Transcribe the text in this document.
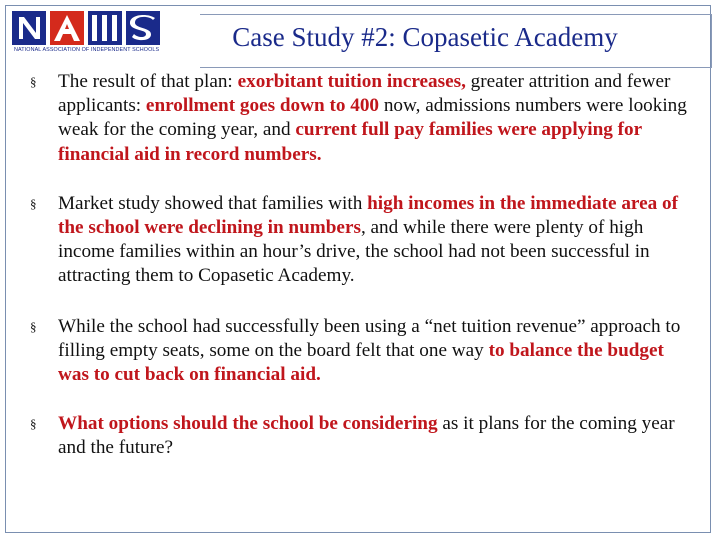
NATIONAL ASSOCIATION OF INDEPENDENT SCHOOLS	Case Study #2: Copasetic Academy
§ The result of that plan: exorbitant tuition increases, greater attrition and fewer applicants: enrollment goes down to 400 now, admissions numbers were looking weak for the coming year, and current full pay families were applying for financial aid in record numbers.
§ Market study showed that families with high incomes in the immediate area of the school were declining in numbers, and while there were plenty of high income families within an hour’s drive, the school had not been successful in attracting them to Copasetic Academy.
§ While the school had successfully been using a “net tuition revenue” approach to filling empty seats, some on the board felt that one way to balance the budget was to cut back on financial aid.
§ What options should the school be considering as it plans for the coming year and the future?
